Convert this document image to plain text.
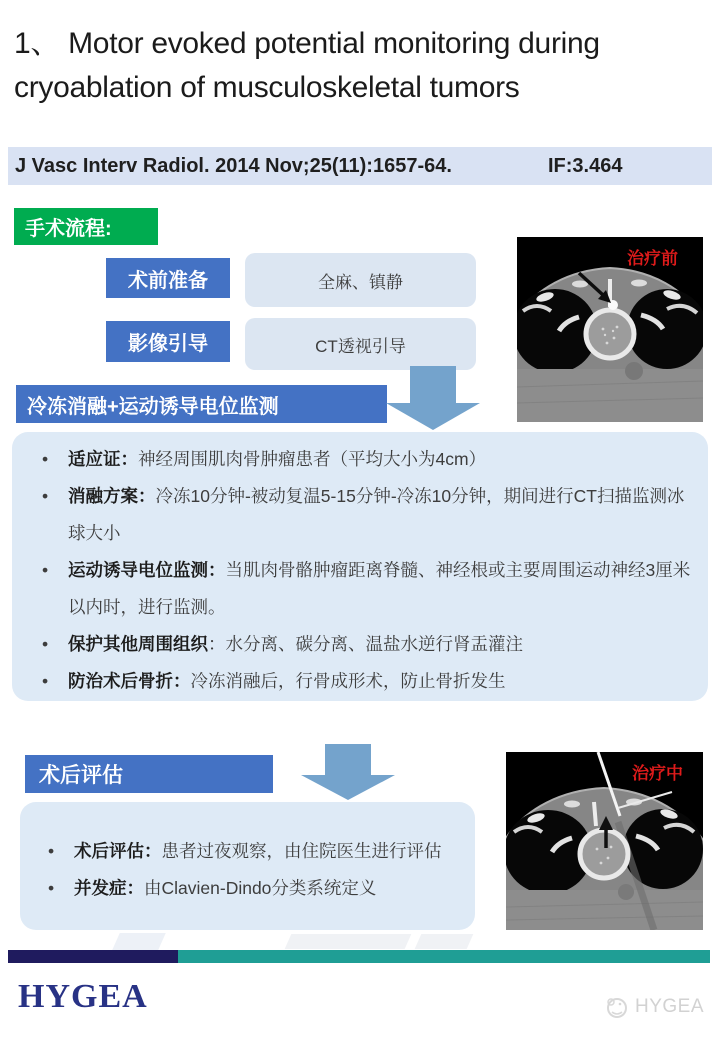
1、 Motor evoked potential monitoring during
cryoablation of musculoskeletal tumors
J Vasc Interv Radiol. 2014 Nov;25(11):1657-64.	IF:3.464
手术流程:
术前准备	全麻、镇静
影像引导	CT透视引导
冷冻消融+运动诱导电位监测
治疗前
• 适应证：神经周围肌肉骨肿瘤患者（平均大小为4cm）
• 消融方案：冷冻10分钟-被动复温5-15分钟-冷冻10分钟，期间进行CT扫描监测冰球大小
• 运动诱导电位监测：当肌肉骨骼肿瘤距离脊髓、神经根或主要周围运动神经3厘米以内时，进行监测。
• 保护其他周围组织：水分离、碳分离、温盐水逆行肾盂灌注
• 防治术后骨折：冷冻消融后，行骨成形术，防止骨折发生
术后评估
• 术后评估：患者过夜观察，由住院医生进行评估
• 并发症：由Clavien-Dindo分类系统定义
治疗中
HYGEA	HYGEA
